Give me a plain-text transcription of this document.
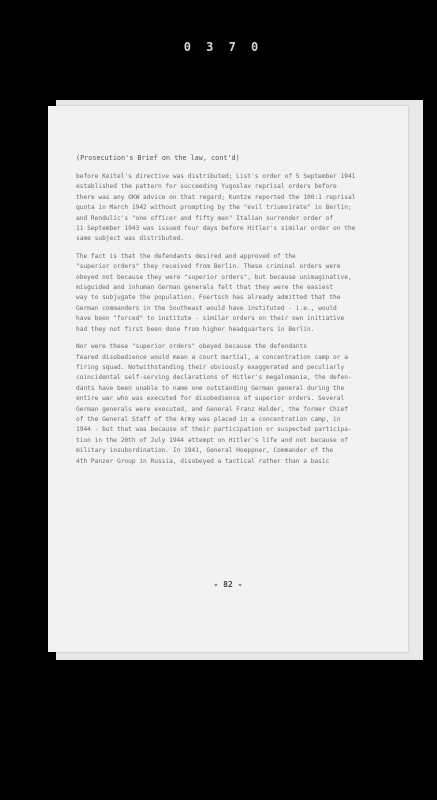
0 3 7 0
(Prosecution's Brief on the law, cont'd)

before Keitel's directive was distributed; List's order of 5 September 1941
established the pattern for succeeding Yugoslav reprisal orders before
there was any OKW advice on that regard; Kuntze reported the 100:1 reprisal
quota in March 1942 without prompting by the "evil triumvirate" in Berlin;
and Rendulic's "one officer and fifty men" Italian surrender order of
11 September 1943 was issued four days before Hitler's similar order on the
same subject was distributed.

The fact is that the defendants desired and approved of the
"superior orders" they received from Berlin. These criminal orders were
obeyed not because they were "superior orders", but because unimaginative,
misguided and inhuman German generals felt that they were the easiest
way to subjugate the population. Foertsch has already admitted that the
German commanders in the Southeast would have instituted - i.e., would
have been "forced" to institute - similar orders on their own initiative
had they not first been done from higher headquarters in Berlin.

Nor were these "superior orders" obeyed because the defendants
feared disobedience would mean a court martial, a concentration camp or a
firing squad. Notwithstanding their obviously exaggerated and peculiarly
coincidental self-serving declarations of Hitler's megalomania, the defen-
dants have been unable to name one outstanding German general during the
entire war who was executed for disobedience of superior orders. Several
German generals were executed, and General Franz Halder, the former Chief
of the General Staff of the Army was placed in a concentration camp, in
1944 - but that was because of their participation or suspected participa-
tion in the 20th of July 1944 attempt on Hitler's life and not because of
military insubordination. In 1941, General Hoeppner, Commander of the
4th Panzer Group in Russia, disobeyed a tactical rather than a basic

- 82 -
